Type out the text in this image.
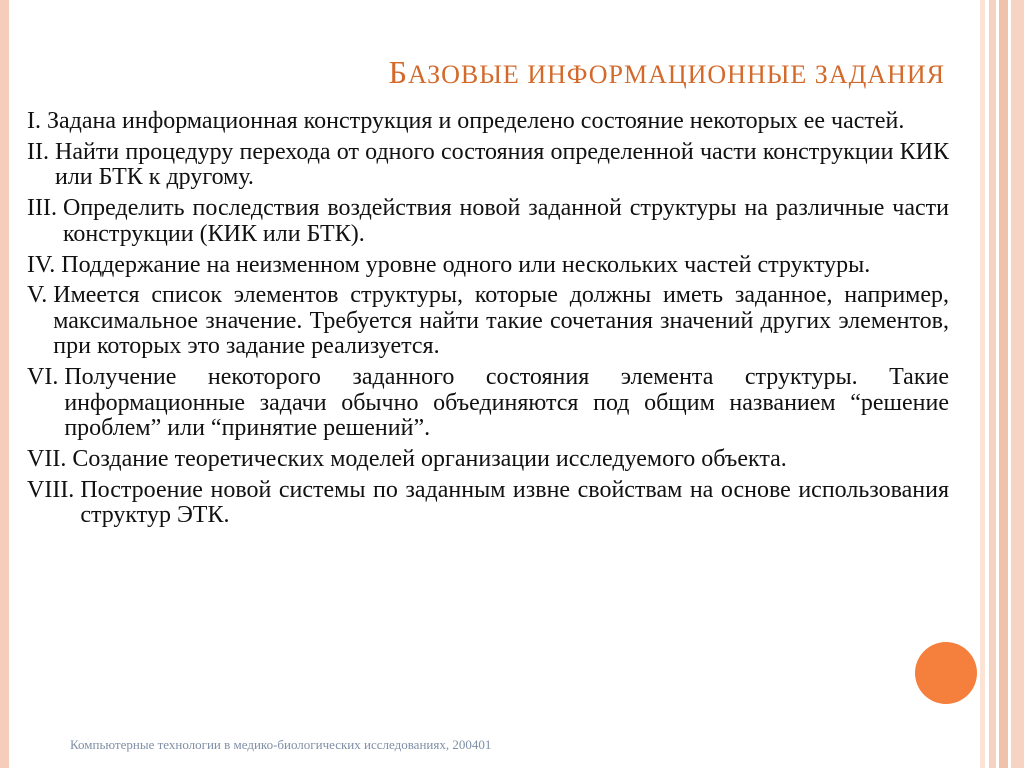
БАЗОВЫЕ ИНФОРМАЦИОННЫЕ ЗАДАНИЯ
I.
Задана информационная конструкция и определено состояние некоторых ее частей.
II.
Найти процедуру перехода от одного состояния определенной части конструкции КИК или БТК к другому.
III.
Определить последствия воздействия новой заданной структуры на различные части конструкции (КИК или БТК).
IV.
Поддержание на неизменном уровне одного или нескольких частей структуры.
V.
Имеется список элементов структуры, которые должны иметь заданное, например, максимальное значение. Требуется найти такие сочетания значений других элементов, при которых это задание реализуется.
VI.
Получение некоторого заданного состояния элемента структуры. Такие информационные задачи обычно объединяются под общим названием “решение проблем” или “принятие решений”.
VII.
Создание теоретических моделей организации исследуемого объекта.
VIII.
Построение новой системы по заданным извне свойствам на основе использования структур ЭТК.
Компьютерные технологии в медико-биологических исследованиях, 200401
